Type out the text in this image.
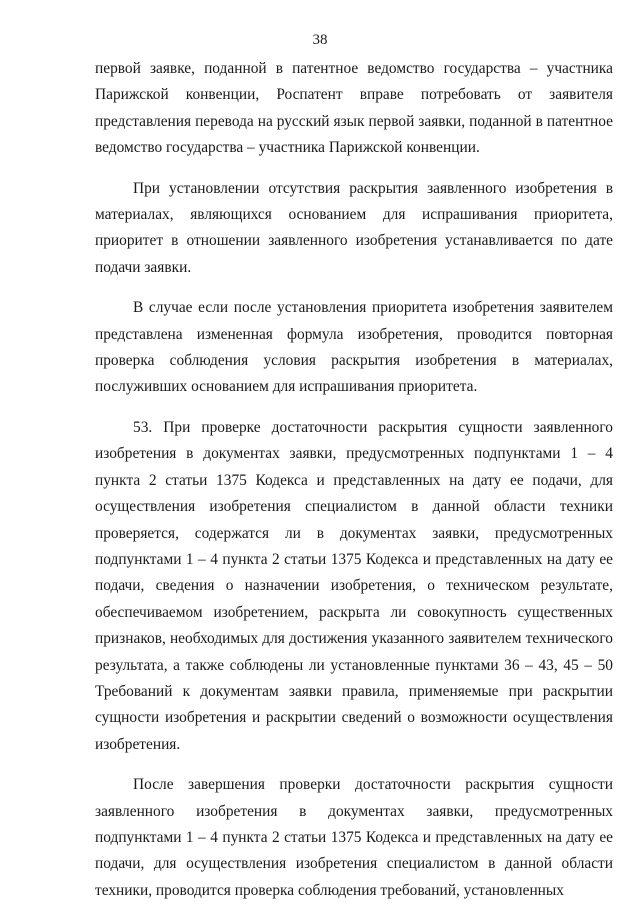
38

первой заявке, поданной в патентное ведомство государства – участника Парижской конвенции, Роспатент вправе потребовать от заявителя представления перевода на русский язык первой заявки, поданной в патентное ведомство государства – участника Парижской конвенции.

При установлении отсутствия раскрытия заявленного изобретения в материалах, являющихся основанием для испрашивания приоритета, приоритет в отношении заявленного изобретения устанавливается по дате подачи заявки.

В случае если после установления приоритета изобретения заявителем представлена измененная формула изобретения, проводится повторная проверка соблюдения условия раскрытия изобретения в материалах, послуживших основанием для испрашивания приоритета.

53. При проверке достаточности раскрытия сущности заявленного изобретения в документах заявки, предусмотренных подпунктами 1 – 4 пункта 2 статьи 1375 Кодекса и представленных на дату ее подачи, для осуществления изобретения специалистом в данной области техники проверяется, содержатся ли в документах заявки, предусмотренных подпунктами 1 – 4 пункта 2 статьи 1375 Кодекса и представленных на дату ее подачи, сведения о назначении изобретения, о техническом результате, обеспечиваемом изобретением, раскрыта ли совокупность существенных признаков, необходимых для достижения указанного заявителем технического результата, а также соблюдены ли установленные пунктами 36 – 43, 45 – 50 Требований к документам заявки правила, применяемые при раскрытии сущности изобретения и раскрытии сведений о возможности осуществления изобретения.

После завершения проверки достаточности раскрытия сущности заявленного изобретения в документах заявки, предусмотренных подпунктами 1 – 4 пункта 2 статьи 1375 Кодекса и представленных на дату ее подачи, для осуществления изобретения специалистом в данной области техники, проводится проверка соблюдения требований, установленных
